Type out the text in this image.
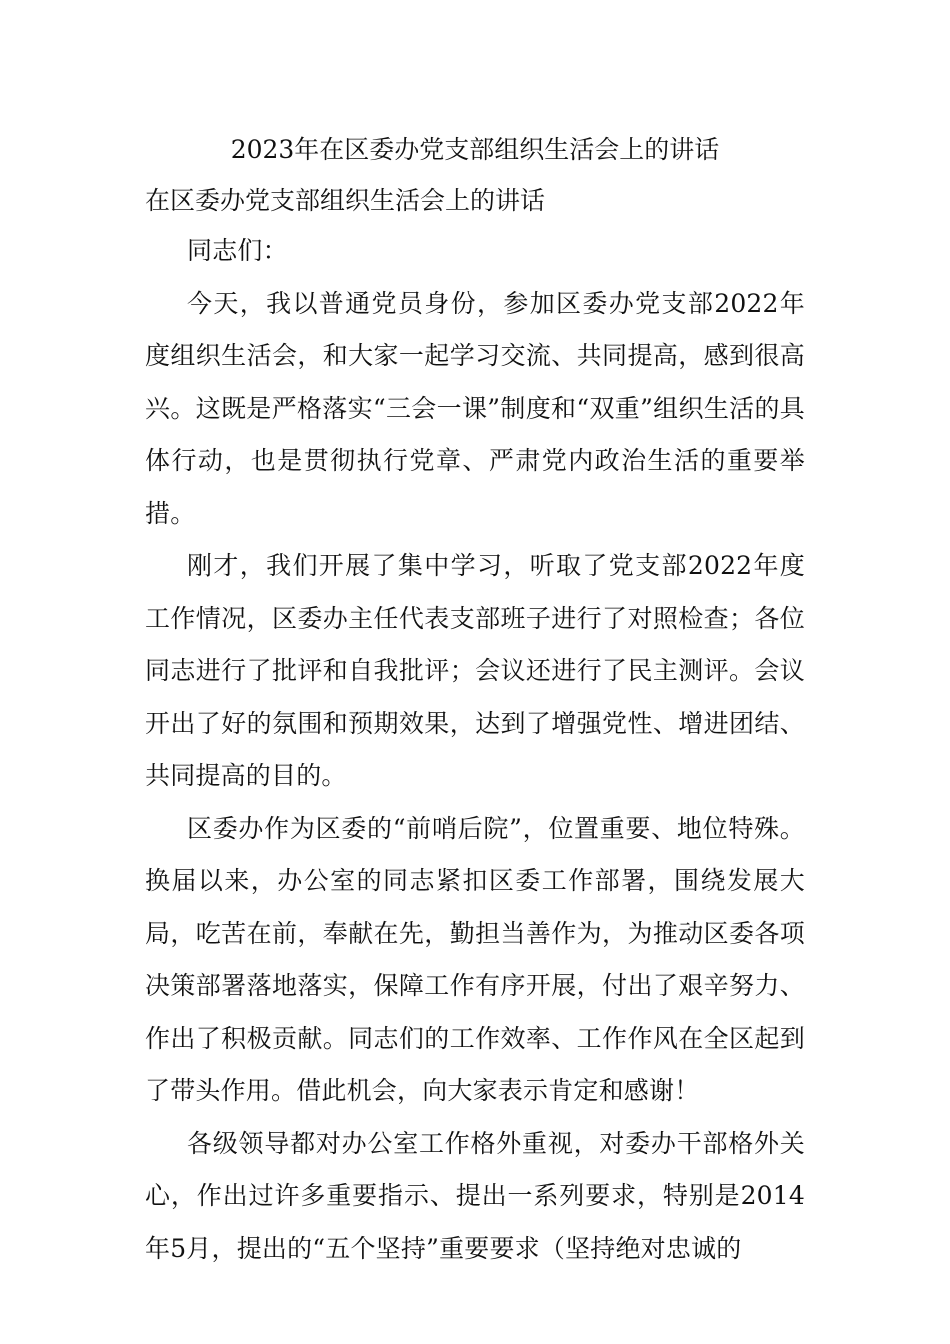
2023年在区委办党支部组织生活会上的讲话

在区委办党支部组织生活会上的讲话

同志们：

今天，我以普通党员身份，参加区委办党支部2022年度组织生活会，和大家一起学习交流、共同提高，感到很高兴。这既是严格落实“三会一课”制度和“双重”组织生活的具体行动，也是贯彻执行党章、严肃党内政治生活的重要举措。

刚才，我们开展了集中学习，听取了党支部2022年度工作情况，区委办主任代表支部班子进行了对照检查；各位同志进行了批评和自我批评；会议还进行了民主测评。会议开出了好的氛围和预期效果，达到了增强党性、增进团结、共同提高的目的。

区委办作为区委的“前哨后院”，位置重要、地位特殊。换届以来，办公室的同志紧扣区委工作部署，围绕发展大局，吃苦在前，奉献在先，勤担当善作为，为推动区委各项决策部署落地落实，保障工作有序开展，付出了艰辛努力、作出了积极贡献。同志们的工作效率、工作作风在全区起到了带头作用。借此机会，向大家表示肯定和感谢！

各级领导都对办公室工作格外重视，对委办干部格外关心，作出过许多重要指示、提出一系列要求，特别是2014年5月，提出的“五个坚持”重要要求（坚持绝对忠诚的
